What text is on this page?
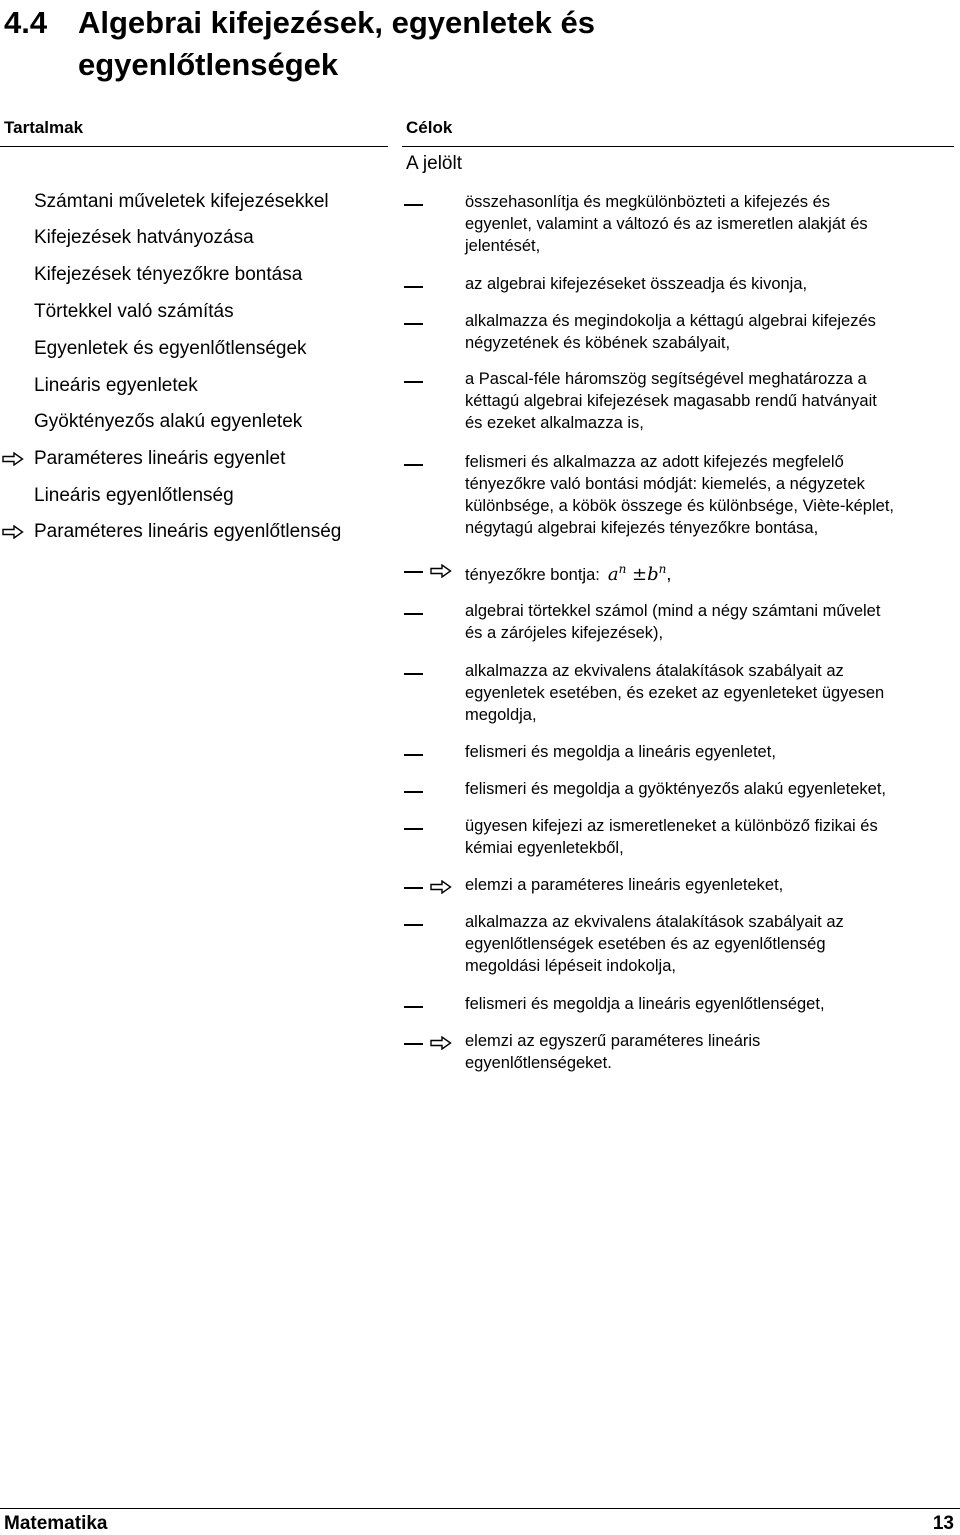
4.4 Algebrai kifejezések, egyenletek és
egyenlőtlenségek
Tartalmak	Célok
A jelölt
Számtani műveletek kifejezésekkel
Kifejezések hatványozása
Kifejezések tényezőkre bontása
Törtekkel való számítás
Egyenletek és egyenlőtlenségek
Lineáris egyenletek
Gyöktényezős alakú egyenletek
Paraméteres lineáris egyenlet
Lineáris egyenlőtlenség
Paraméteres lineáris egyenlőtlenség
összehasonlítja és megkülönbözteti a kifejezés és
egyenlet, valamint a változó és az ismeretlen alakját és
jelentését,
az algebrai kifejezéseket összeadja és kivonja,
alkalmazza és megindokolja a kéttagú algebrai kifejezés
négyzetének és köbének szabályait,
a Pascal-féle háromszög segítségével meghatározza a
kéttagú algebrai kifejezések magasabb rendű hatványait
és ezeket alkalmazza is,
felismeri és alkalmazza az adott kifejezés megfelelő
tényezőkre való bontási módját: kiemelés, a négyzetek
különbsége, a köbök összege és különbsége, Viète-képlet,
négytagú algebrai kifejezés tényezőkre bontása,
tényezőkre bontja: $a^n \pm b^n$,
algebrai törtekkel számol (mind a négy számtani művelet
és a zárójeles kifejezések),
alkalmazza az ekvivalens átalakítások szabályait az
egyenletek esetében, és ezeket az egyenleteket ügyesen
megoldja,
felismeri és megoldja a lineáris egyenletet,
felismeri és megoldja a gyöktényezős alakú egyenleteket,
ügyesen kifejezi az ismeretleneket a különböző fizikai és
kémiai egyenletekből,
elemzi a paraméteres lineáris egyenleteket,
alkalmazza az ekvivalens átalakítások szabályait az
egyenlőtlenségek esetében és az egyenlőtlenség
megoldási lépéseit indokolja,
felismeri és megoldja a lineáris egyenlőtlenséget,
elemzi az egyszerű paraméteres lineáris
egyenlőtlenségeket.
Matematika	13
